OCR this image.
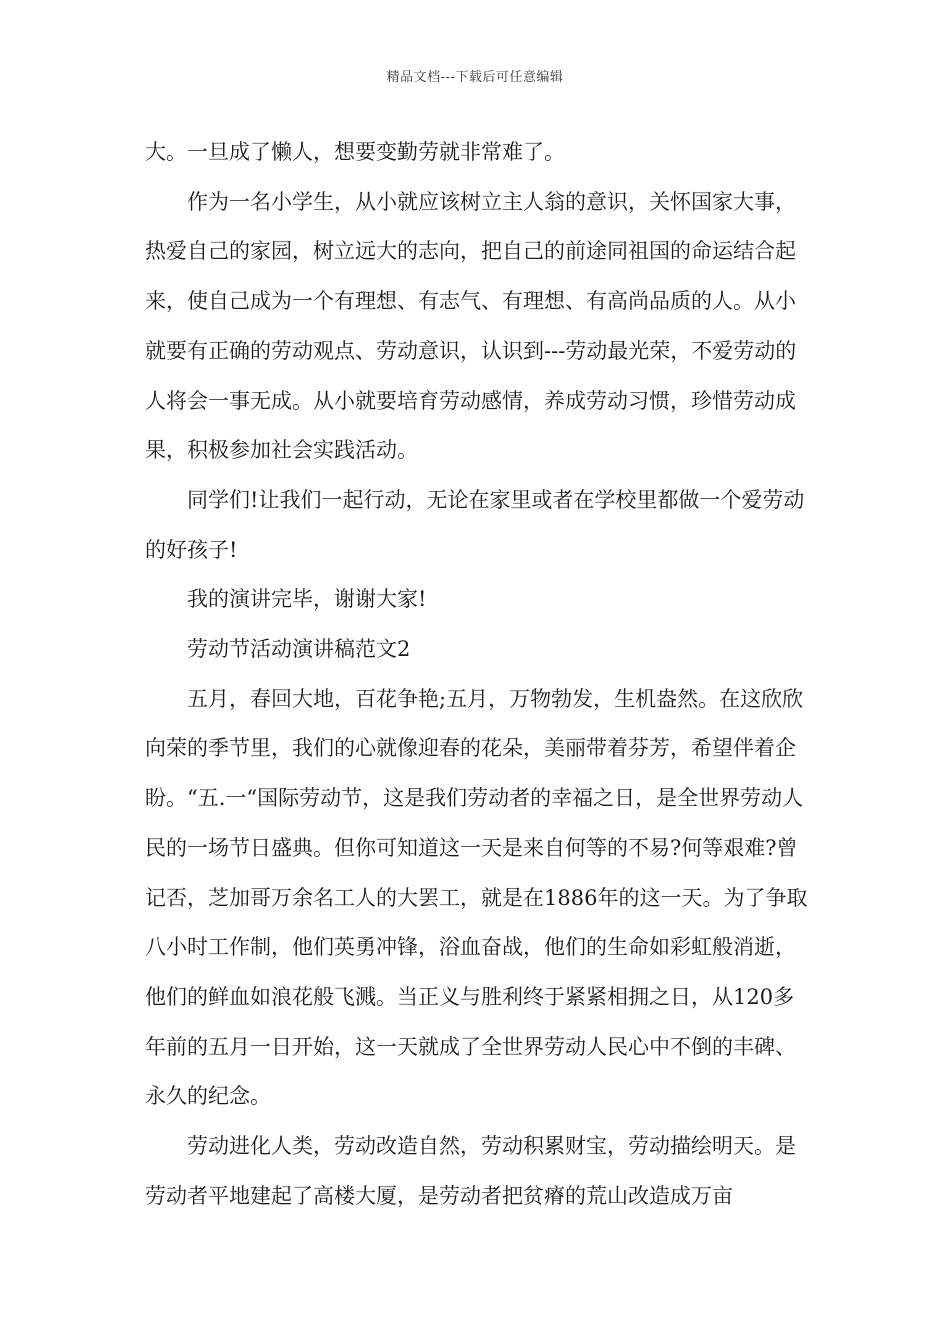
精品文档---下载后可任意编辑

大。一旦成了懒人，想要变勤劳就非常难了。

作为一名小学生，从小就应该树立主人翁的意识，关怀国家大事，热爱自己的家园，树立远大的志向，把自己的前途同祖国的命运结合起来，使自己成为一个有理想、有志气、有理想、有高尚品质的人。从小就要有正确的劳动观点、劳动意识，认识到---劳动最光荣，不爱劳动的人将会一事无成。从小就要培育劳动感情，养成劳动习惯，珍惜劳动成果，积极参加社会实践活动。

同学们!让我们一起行动，无论在家里或者在学校里都做一个爱劳动的好孩子!

我的演讲完毕，谢谢大家!

劳动节活动演讲稿范文2

五月，春回大地，百花争艳;五月，万物勃发，生机盎然。在这欣欣向荣的季节里，我们的心就像迎春的花朵，美丽带着芬芳，希望伴着企盼。“五.一“国际劳动节，这是我们劳动者的幸福之日，是全世界劳动人民的一场节日盛典。但你可知道这一天是来自何等的不易?何等艰难?曾记否，芝加哥万余名工人的大罢工，就是在1886年的这一天。为了争取八小时工作制，他们英勇冲锋，浴血奋战，他们的生命如彩虹般消逝，他们的鲜血如浪花般飞溅。当正义与胜利终于紧紧相拥之日，从120多年前的五月一日开始，这一天就成了全世界劳动人民心中不倒的丰碑、永久的纪念。

劳动进化人类，劳动改造自然，劳动积累财宝，劳动描绘明天。是劳动者平地建起了高楼大厦，是劳动者把贫瘠的荒山改造成万亩
